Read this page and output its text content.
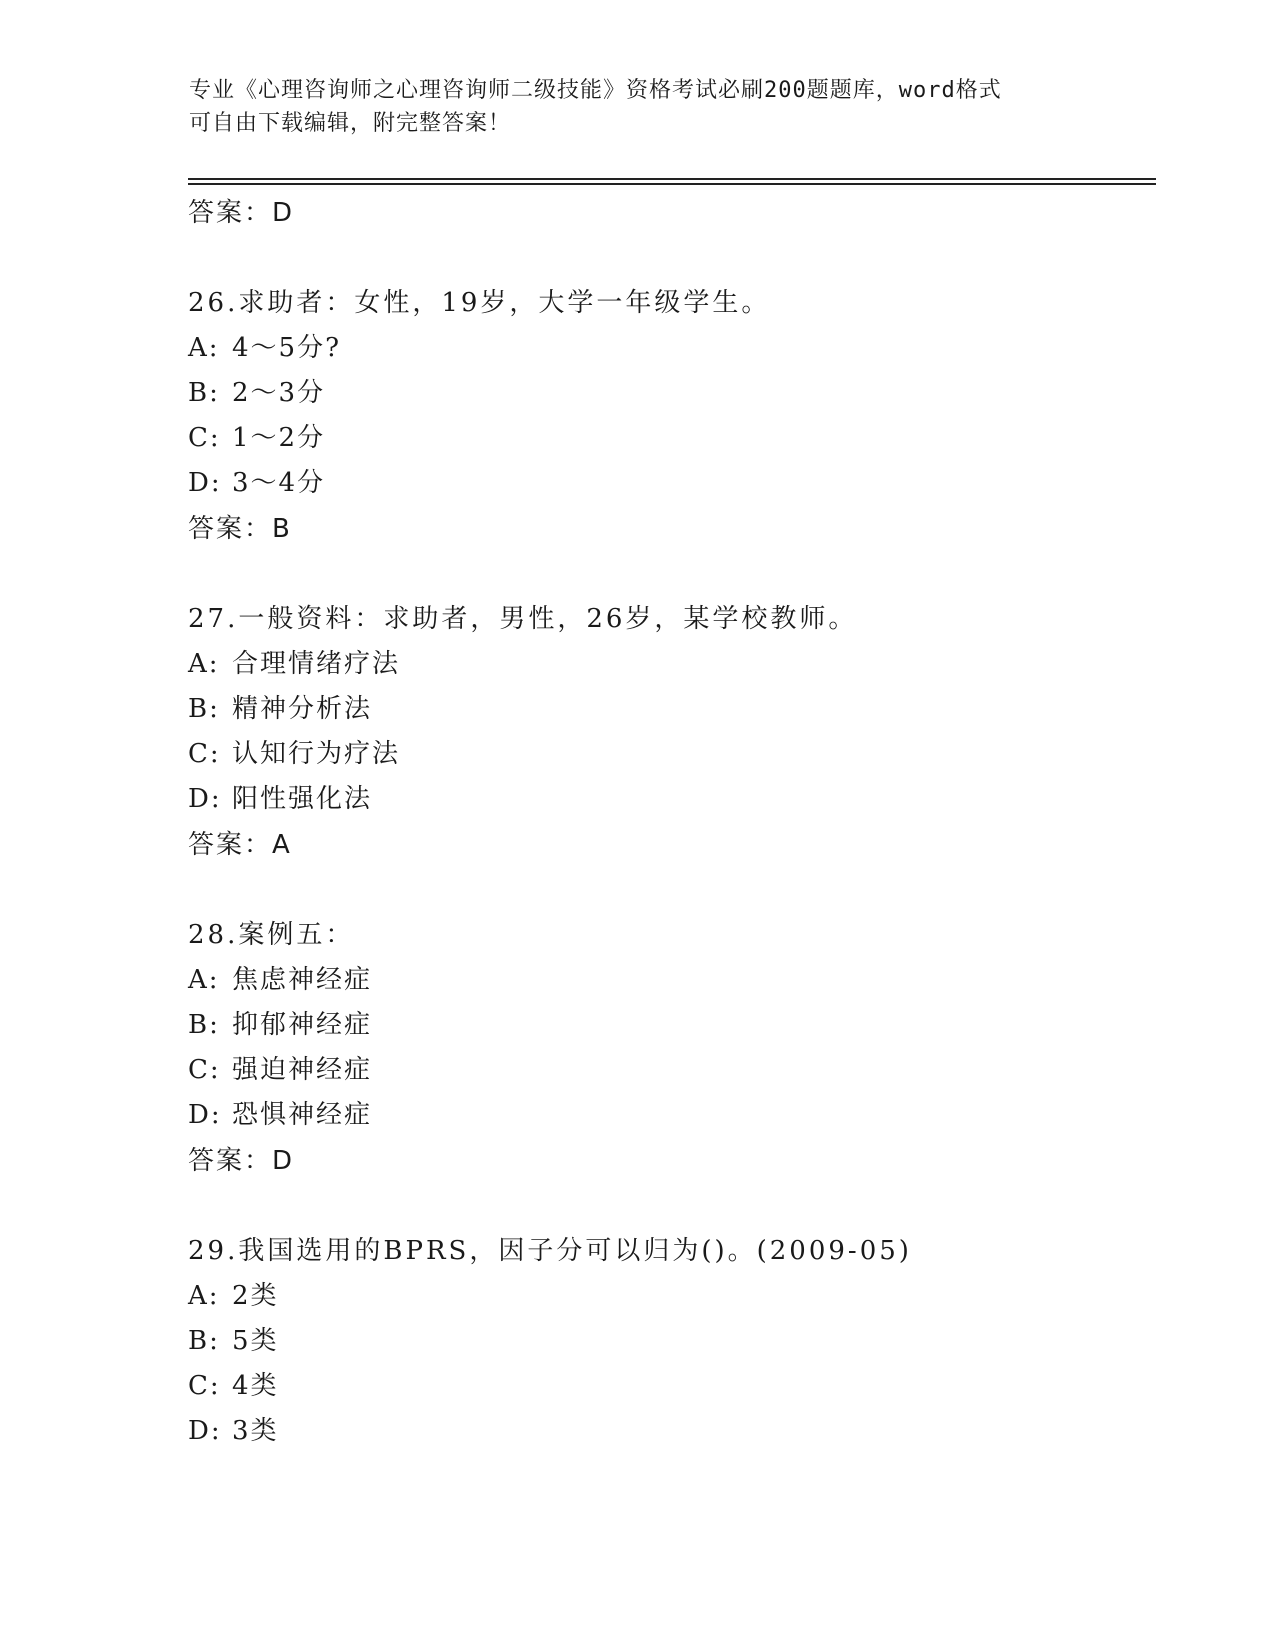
专业《心理咨询师之心理咨询师二级技能》资格考试必刷200题题库，word格式
可自由下载编辑，附完整答案！
答案：D
26.求助者：女性，19岁，大学一年级学生。
A: 4～5分?
B: 2～3分
C: 1～2分
D: 3～4分
答案：B
27.一般资料：求助者，男性，26岁，某学校教师。
A: 合理情绪疗法
B: 精神分析法
C: 认知行为疗法
D: 阳性强化法
答案：A
28.案例五：
A: 焦虑神经症
B: 抑郁神经症
C: 强迫神经症
D: 恐惧神经症
答案：D
29.我国选用的BPRS，因子分可以归为()。(2009-05)
A: 2类
B: 5类
C: 4类
D: 3类
